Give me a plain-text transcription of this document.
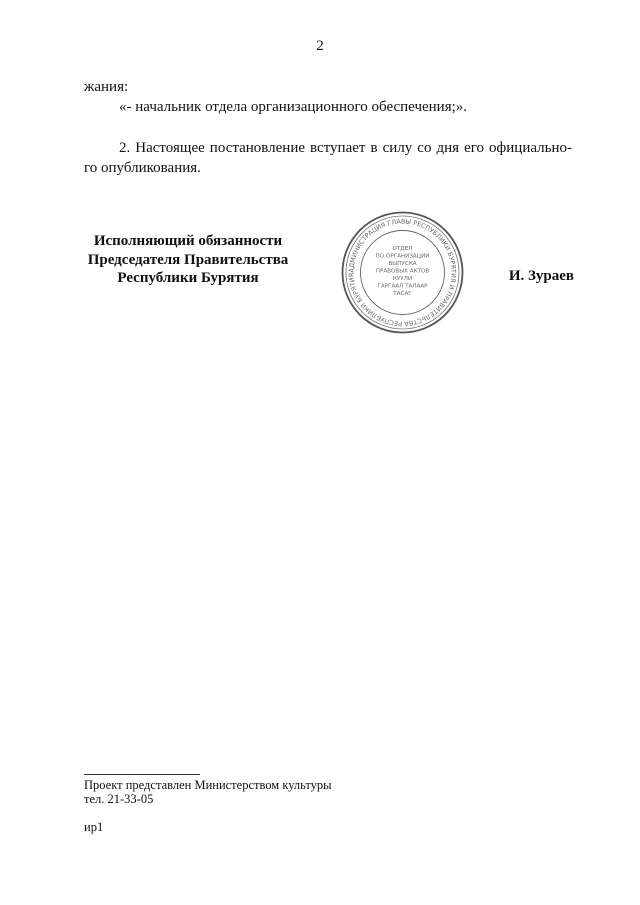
2
жания:
«- начальник отдела организационного обеспечения;».
2. Настоящее постановление вступает в силу со дня его официально-го опубликования.
Исполняющий обязанности
Председателя Правительства
Республики Бурятия	И. Зураев
АДМИНИСТРАЦИЯ ГЛАВЫ РЕСПУБЛИКИ БУРЯТИЯ И ПРАВИТЕЛЬСТВА РЕСПУБЛИКИ БУРЯТИЯ
ОТДЕЛ
ПО ОРГАНИЗАЦИИ
ВЫПУСКА
ПРАВОВЫХ АКТОВ
КУУЛИ
ГАРГААЛ ТАЛААР
ТАСАГ
Проект представлен Министерством культуры
тел. 21-33-05
ир1
